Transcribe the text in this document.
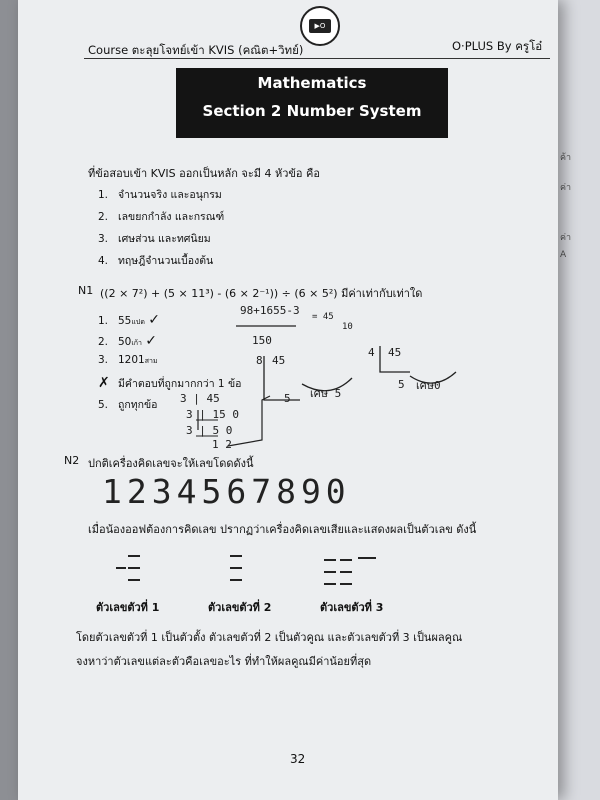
ค้า
ค่า
ค่า
A
▶O
Course ตะลุยโจทย์เข้า KVIS (คณิต+วิทย์)	O·PLUS By ครูโอ๋
Mathematics
Section 2 Number System
ที่ข้อสอบเข้า KVIS ออกเป็นหลัก จะมี 4 หัวข้อ คือ
1. จำนวนจริง และอนุกรม
2. เลขยกกำลัง และกรณฑ์
3. เศษส่วน และทศนิยม
4. ทฤษฎีจำนวนเบื้องต้น
N1 ((2 × 7²) + (5 × 11³) - (6 × 2⁻¹)) ÷ (6 × 5²) มีค่าเท่ากับเท่าใด
1. 55แปด ✓
2. 50เก้า ✓
3. 1201สาม
✗ มีคำตอบที่ถูกมากกว่า 1 ข้อ
5. ถูกทุกข้อ
98+1655-3
150
= 45
10
8 45
5 เศษ 5
4 45
5 เศษ0
3 | 45
3 | 15 0
3 | 5 0
1 2
N2 ปกติเครื่องคิดเลขจะให้เลขโดดดังนี้
1234567890
เมื่อน้องออฟต้องการคิดเลข ปรากฏว่าเครื่องคิดเลขเสียและแสดงผลเป็นตัวเลข ดังนี้
ตัวเลขตัวที่ 1	ตัวเลขตัวที่ 2	ตัวเลขตัวที่ 3
โดยตัวเลขตัวที่ 1 เป็นตัวตั้ง ตัวเลขตัวที่ 2 เป็นตัวคูณ และตัวเลขตัวที่ 3 เป็นผลคูณ
จงหาว่าตัวเลขแต่ละตัวคือเลขอะไร ที่ทำให้ผลคูณมีค่าน้อยที่สุด
32
